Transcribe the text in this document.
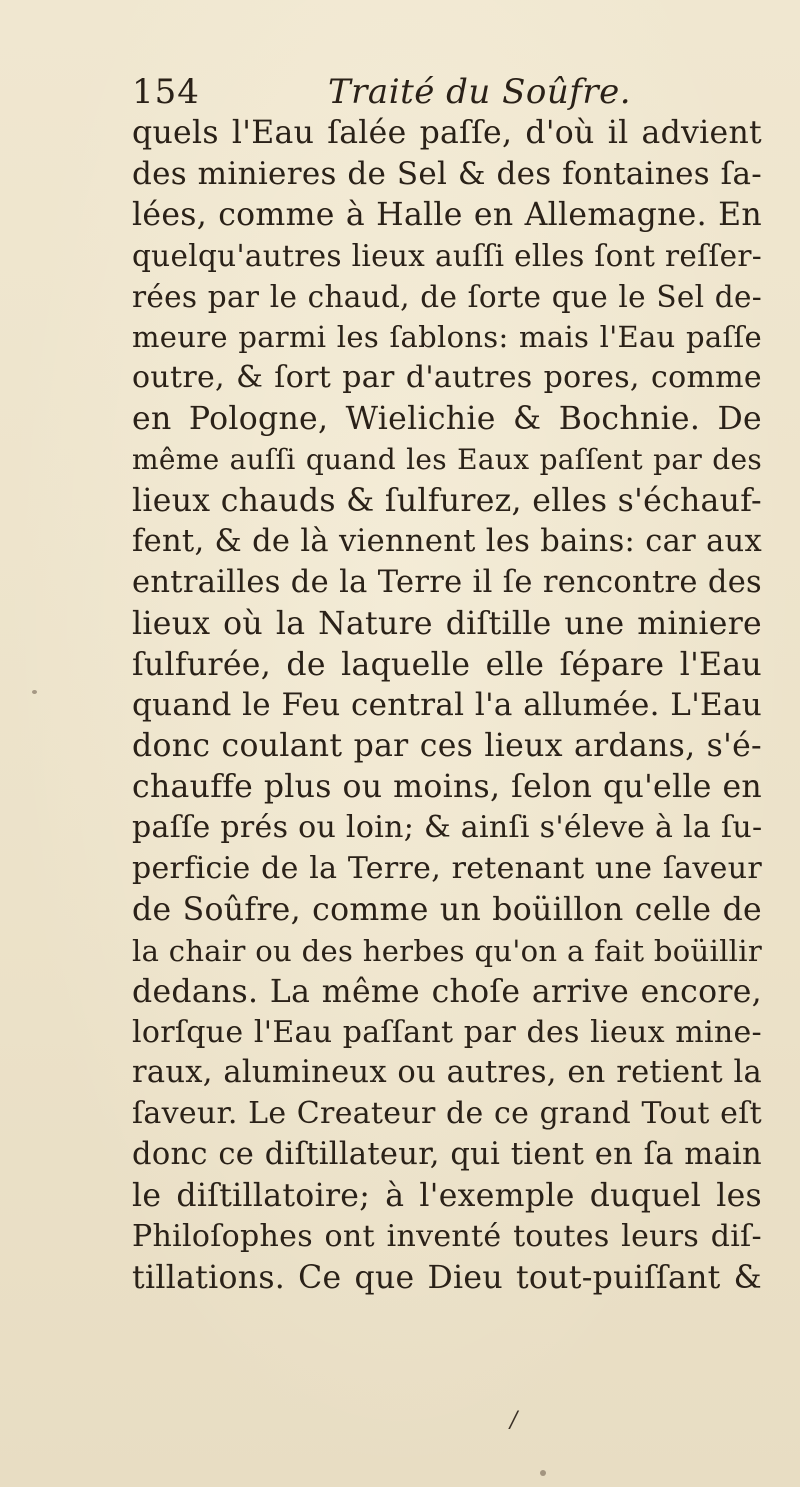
154	Traité du Soûfre.
quels l'Eau ſalée paſſe, d'où il advient
des minieres de Sel & des fontaines ſa-
lées, comme à Halle en Allemagne. En
quelqu'autres lieux auſſi elles ſont reſſer-
rées par le chaud, de ſorte que le Sel de-
meure parmi les ſablons: mais l'Eau paſſe
outre, & ſort par d'autres pores, comme
en Pologne, Wielichie & Bochnie. De
même auſſi quand les Eaux paſſent par des
lieux chauds & ſulfurez, elles s'échauf-
fent, & de là viennent les bains: car aux
entrailles de la Terre il ſe rencontre des
lieux où la Nature diſtille une miniere
ſulfurée, de laquelle elle ſépare l'Eau
quand le Feu central l'a allumée. L'Eau
donc coulant par ces lieux ardans, s'é-
chauffe plus ou moins, ſelon qu'elle en
paſſe prés ou loin; & ainſi s'éleve à la ſu-
perficie de la Terre, retenant une ſaveur
de Soûfre, comme un boüillon celle de
la chair ou des herbes qu'on a fait boüillir
dedans. La même choſe arrive encore,
lorſque l'Eau paſſant par des lieux mine-
raux, alumineux ou autres, en retient la
ſaveur. Le Createur de ce grand Tout eſt
donc ce diſtillateur, qui tient en ſa main
le diſtillatoire; à l'exemple duquel les
Philoſophes ont inventé toutes leurs diſ-
tillations. Ce que Dieu tout-puiſſant &
/
